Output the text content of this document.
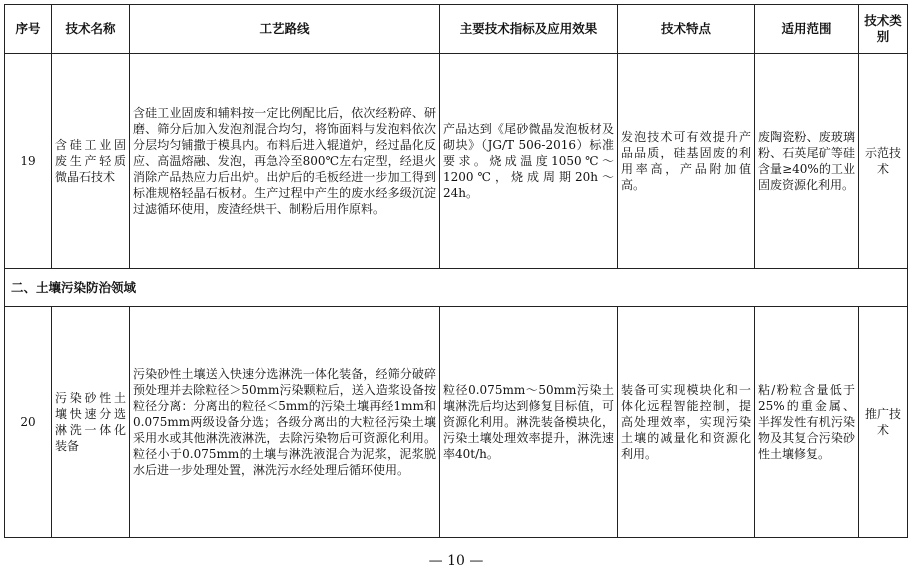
序号	技术名称	工艺路线	主要技术指标及应用效果	技术特点	适用范围	技术类别
19	含硅工业固废生产轻质微晶石技术	含硅工业固废和辅料按一定比例配比后，依次经粉碎、研磨、筛分后加入发泡剂混合均匀，将饰面料与发泡料依次分层均匀铺撒于模具内。布料后进入辊道炉，经过晶化反应、高温熔融、发泡，再急冷至800℃左右定型，经退火消除产品热应力后出炉。出炉后的毛板经进一步加工得到标准规格轻晶石板材。生产过程中产生的废水经多级沉淀过滤循环使用，废渣经烘干、制粉后用作原料。	产品达到《尾砂微晶发泡板材及砌块》（JG/T 506-2016）标准要求。烧成温度1050℃～1200℃，烧成周期20h～24h。	发泡技术可有效提升产品品质，硅基固废的利用率高，产品附加值高。	废陶瓷粉、废玻璃粉、石英尾矿等硅含量≥40%的工业固废资源化利用。	示范技术
二、土壤污染防治领域						
20	污染砂性土壤快速分选淋洗一体化装备	污染砂性土壤送入快速分选淋洗一体化装备，经筛分破碎预处理并去除粒径＞50mm污染颗粒后，送入造浆设备按粒径分离：分离出的粒径＜5mm的污染土壤再经1mm和0.075mm两级设备分选；各级分离出的大粒径污染土壤采用水或其他淋洗液淋洗，去除污染物后可资源化利用。粒径小于0.075mm的土壤与淋洗液混合为泥浆，泥浆脱水后进一步处理处置，淋洗污水经处理后循环使用。	粒径0.075mm～50mm污染土壤淋洗后均达到修复目标值，可资源化利用。淋洗装备模块化，污染土壤处理效率提升，淋洗速率40t/h。	装备可实现模块化和一体化远程智能控制，提高处理效率，实现污染土壤的减量化和资源化利用。	粘/粉粒含量低于25%的重金属、半挥发性有机污染物及其复合污染砂性土壤修复。	推广技术
— 10 —
